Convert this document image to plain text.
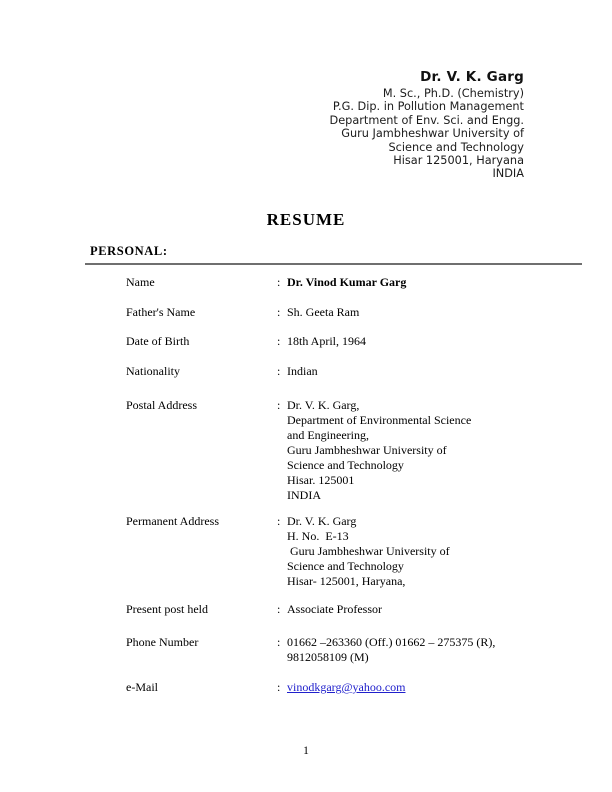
Dr. V. K. Garg
M. Sc., Ph.D. (Chemistry)
P.G. Dip. in Pollution Management
Department of Env. Sci. and Engg.
Guru Jambheshwar University of
Science and Technology
Hisar 125001, Haryana
INDIA
RESUME
PERSONAL:
Name	: Dr. Vinod Kumar Garg
Father's Name	: Sh. Geeta Ram
Date of Birth	: 18th April, 1964
Nationality	: Indian
Postal Address	: Dr. V. K. Garg,
Department of Environmental Science
and Engineering,
Guru Jambheshwar University of
Science and Technology
Hisar. 125001
INDIA
Permanent Address	: Dr. V. K. Garg
H. No.  E-13
Guru Jambheshwar University of
Science and Technology
Hisar- 125001, Haryana,
Present post held	: Associate Professor
Phone Number	: 01662 –263360 (Off.) 01662 – 275375 (R),
9812058109 (M)
e-Mail	: vinodkgarg@yahoo.com
1
